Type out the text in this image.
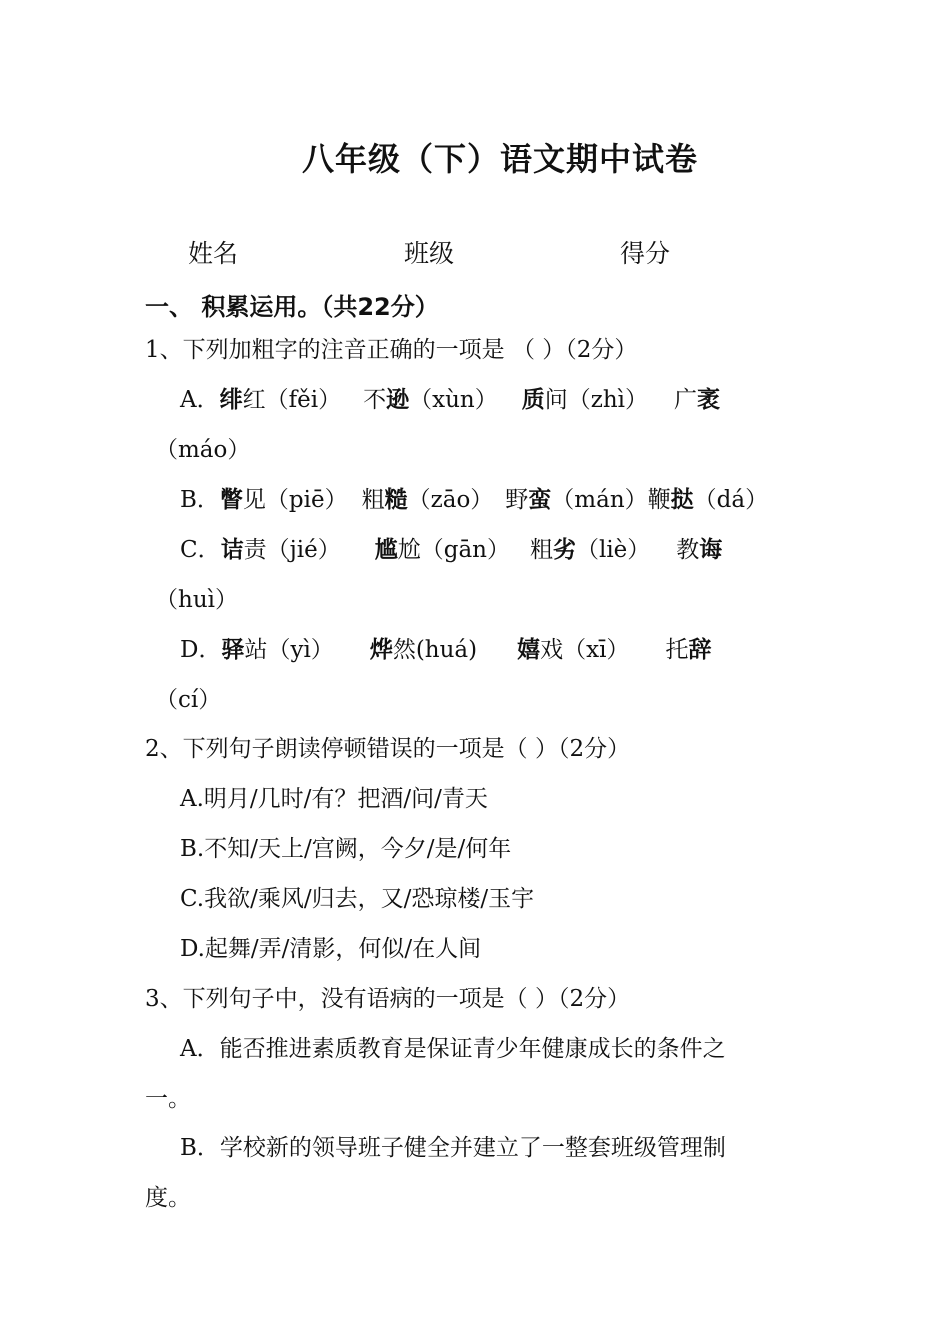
八年级（下）语文期中试卷
姓名	班级	得分
一、 积累运用。（共22分）
1、下列加粗字的注音正确的一项是 （ ）（2分）
A．绯红（fěi） 不逊（xùn） 质问（zhì） 广袤
（máo）
B．瞥见（piē） 粗糙（zāo） 野蛮（mán）鞭挞（dá）
C．诘责（jié） 尴尬（gān） 粗劣（liè） 教诲
（huì）
D．驿站（yì） 烨然(huá) 嬉戏（xī） 托辞
（cí）
2、下列句子朗读停顿错误的一项是（ ）（2分）
A.明月/几时/有？把酒/问/青天
B.不知/天上/宫阙，今夕/是/何年
C.我欲/乘风/归去，又/恐琼楼/玉宇
D.起舞/弄/清影，何似/在人间
3、下列句子中，没有语病的一项是（ ）（2分）
A．能否推进素质教育是保证青少年健康成长的条件之
一。
B．学校新的领导班子健全并建立了一整套班级管理制
度。
